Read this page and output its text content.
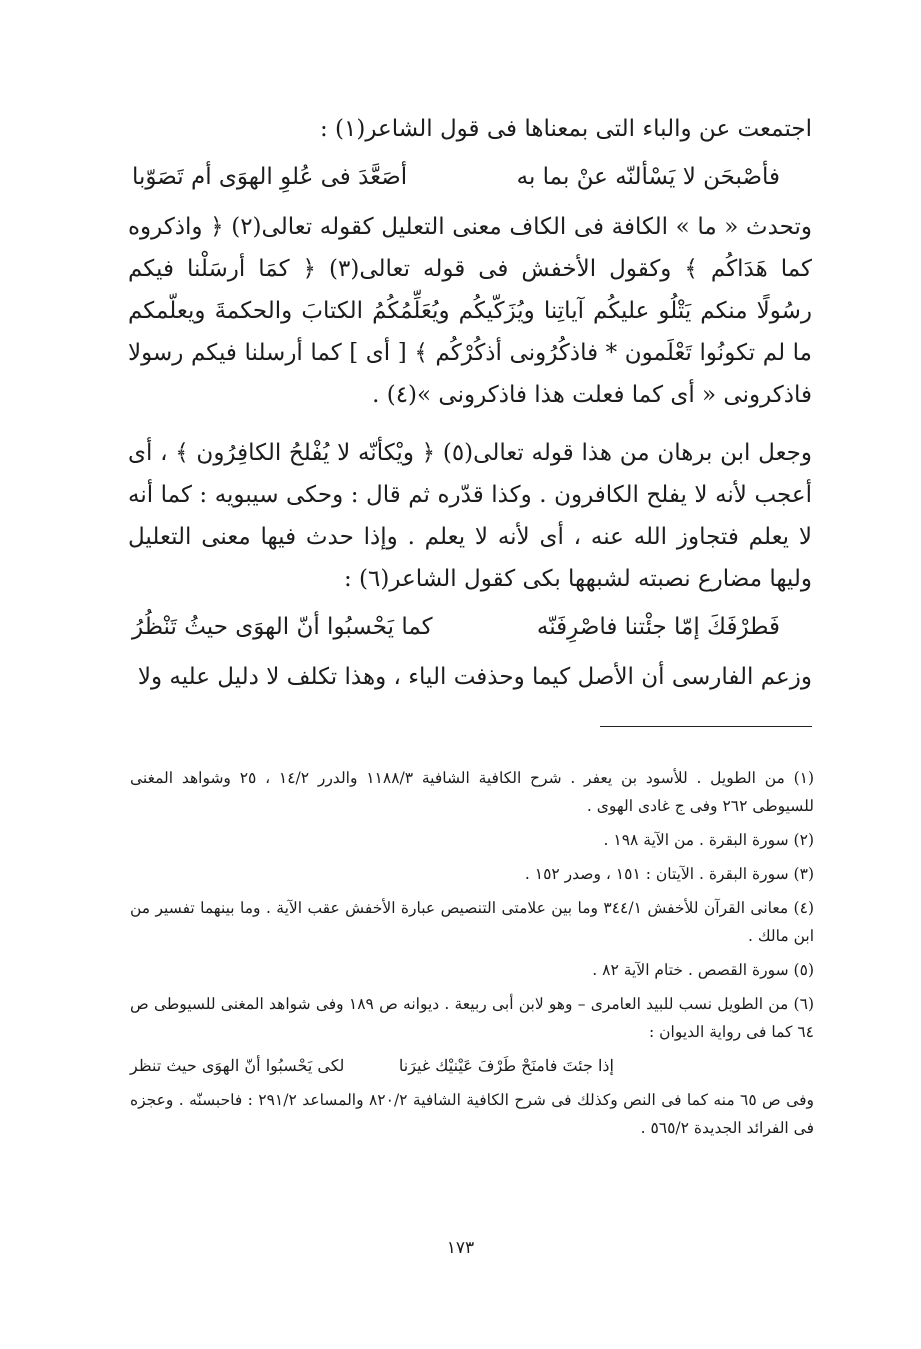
اجتمعت عن والباء التى بمعناها فى قول الشاعر(١) :

فأصْبحَن لا يَسْألنّه عنْ بما به
أصَعَّدَ فى عُلوِ الهوَى أم تَصَوّبا

وتحدث « ما » الكافة فى الكاف معنى التعليل كقوله تعالى(٢) ﴿ واذكروه كما هَدَاكُم ﴾ وكقول الأخفش فى قوله تعالى(٣) ﴿ كمَا أرسَلْنا فيكم رسُولًا منكم يَتْلُو عليكُم آياتِنا ويُزَكّيكُم ويُعَلِّمُكُمُ الكتابَ والحكمةَ ويعلّمكم ما لم تكونُوا تَعْلَمون * فاذكُرُونى أذكُرْكُم ﴾ [ أى ] كما أرسلنا فيكم رسولا فاذكرونى « أى كما فعلت هذا فاذكرونى »(٤) .

وجعل ابن برهان من هذا قوله تعالى(٥) ﴿ ويْكأنّه لا يُفْلحُ الكافِرُون ﴾ ، أى أعجب لأنه لا يفلح الكافرون . وكذا قدّره ثم قال : وحكى سيبويه : كما أنه لا يعلم فتجاوز الله عنه ، أى لأنه لا يعلم . وإذا حدث فيها معنى التعليل وليها مضارع نصبته لشبهها بكى كقول الشاعر(٦) :

فَطرْفَكَ إمّا جئْتنا فاصْرِفَنّه
كما يَحْسبُوا أنّ الهوَى حيثُ تَنْظُرُ

وزعم الفارسى أن الأصل كيما وحذفت الياء ، وهذا تكلف لا دليل عليه ولا

(١) من الطويل . للأسود بن يعفر . شرح الكافية الشافية ١١٨٨/٣ والدرر ١٤/٢ ، ٢٥ وشواهد المغنى للسيوطى ٢٦٢ وفى ج غادى الهوى .

(٢) سورة البقرة . من الآية ١٩٨ .

(٣) سورة البقرة . الآيتان : ١٥١ ، وصدر ١٥٢ .

(٤) معانى القرآن للأخفش ٣٤٤/١ وما بين علامتى التنصيص عبارة الأخفش عقب الآية . وما بينهما تفسير من ابن مالك .

(٥) سورة القصص . ختام الآية ٨٢ .

(٦) من الطويل نسب للبيد العامرى – وهو لابن أبى ربيعة . ديوانه ص ١٨٩ وفى شواهد المغنى للسيوطى ص ٦٤ كما فى رواية الديوان :

إذا جئتَ فامنَحْ طَرْفَ عَيْنيْك غيرَنا
لكى يَحْسبُوا أنّ الهوَى حيث تنظر

وفى ص ٦٥ منه كما فى النص وكذلك فى شرح الكافية الشافية ٨٢٠/٢ والمساعد ٢٩١/٢ : فاحبسنّه . وعجزه فى الفرائد الجديدة ٥٦٥/٢ .

١٧٣
